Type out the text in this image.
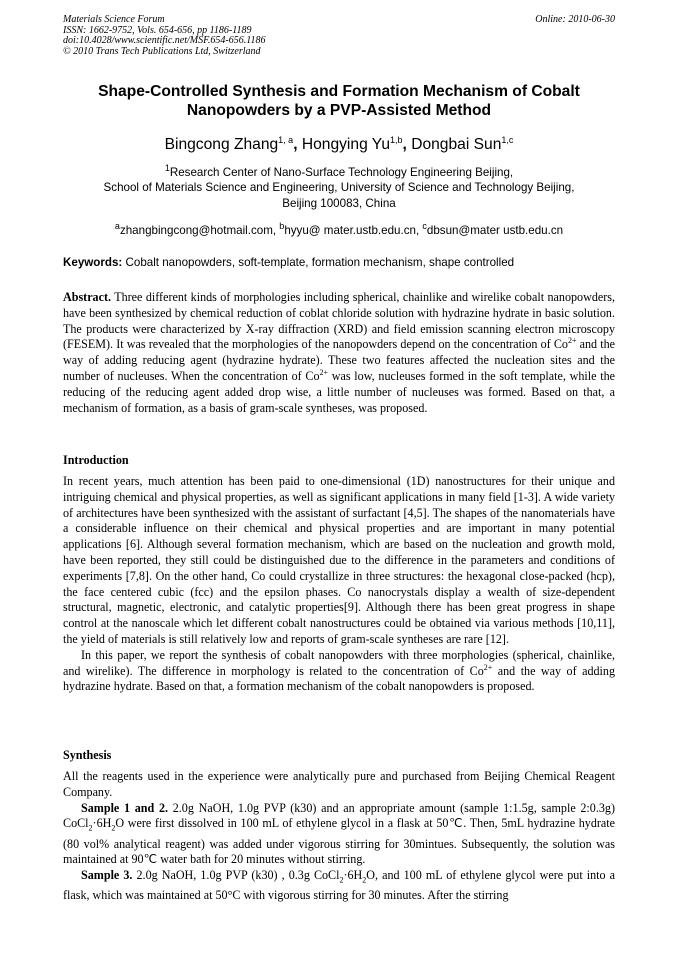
Materials Science Forum
ISSN: 1662-9752, Vols. 654-656, pp 1186-1189
doi:10.4028/www.scientific.net/MSF.654-656.1186
© 2010 Trans Tech Publications Ltd, Switzerland
Online: 2010-06-30
Shape-Controlled Synthesis and Formation Mechanism of Cobalt
Nanopowders by a PVP-Assisted Method
Bingcong Zhang$^{1, a}$, Hongying Yu$^{1,b}$, Dongbai Sun$^{1,c}$
$^1$Research Center of Nano-Surface Technology Engineering Beijing,
School of Materials Science and Engineering, University of Science and Technology Beijing,
Beijing 100083, China
$^a$zhangbingcong@hotmail.com, $^b$hyyu@ mater.ustb.edu.cn, $^c$dbsun@mater ustb.edu.cn
Keywords: Cobalt nanopowders, soft-template, formation mechanism, shape controlled
Abstract. Three different kinds of morphologies including spherical, chainlike and wirelike cobalt nanopowders, have been synthesized by chemical reduction of coblat chloride solution with hydrazine hydrate in basic solution. The products were characterized by X-ray diffraction (XRD) and field emission scanning electron microscopy (FESEM). It was revealed that the morphologies of the nanopowders depend on the concentration of $Co^{2+}$ and the way of adding reducing agent (hydrazine hydrate). These two features affected the nucleation sites and the number of nucleuses. When the concentration of $Co^{2+}$ was low, nucleuses formed in the soft template, while the reducing of the reducing agent added drop wise, a little number of nucleuses was formed. Based on that, a mechanism of formation, as a basis of gram-scale syntheses, was proposed.
Introduction

In recent years, much attention has been paid to one-dimensional (1D) nanostructures for their unique and intriguing chemical and physical properties, as well as significant applications in many field [1-3]. A wide variety of architectures have been synthesized with the assistant of surfactant [4,5]. The shapes of the nanomaterials have a considerable influence on their chemical and physical properties and are important in many potential applications [6]. Although several formation mechanism, which are based on the nucleation and growth mold, have been reported, they still could be distinguished due to the difference in the parameters and conditions of experiments [7,8]. On the other hand, Co could crystallize in three structures: the hexagonal close-packed (hcp), the face centered cubic (fcc) and the epsilon phases. Co nanocrystals display a wealth of size-dependent structural, magnetic, electronic, and catalytic properties[9]. Although there has been great progress in shape control at the nanoscale which let different cobalt nanostructures could be obtained via various methods [10,11], the yield of materials is still relatively low and reports of gram-scale syntheses are rare [12].

In this paper, we report the synthesis of cobalt nanopowders with three morphologies (spherical, chainlike, and wirelike). The difference in morphology is related to the concentration of $Co^{2+}$ and the way of adding hydrazine hydrate. Based on that, a formation mechanism of the cobalt nanopowders is proposed.

Synthesis

All the reagents used in the experience were analytically pure and purchased from Beijing Chemical Reagent Company.

Sample 1 and 2. 2.0g NaOH, 1.0g PVP (k30) and an appropriate amount (sample 1:1.5g, sample 2:0.3g) $CoCl_2\cdot 6H_2O$ were first dissolved in 100 mL of ethylene glycol in a flask at 50℃. Then, 5mL hydrazine hydrate (80 vol% analytical reagent) was added under vigorous stirring for 30mintues. Subsequently, the solution was maintained at 90℃ water bath for 20 minutes without stirring.

Sample 3. 2.0g NaOH, 1.0g PVP (k30) , 0.3g $CoCl_2\cdot 6H_2O$, and 100 mL of ethylene glycol were put into a flask, which was maintained at 50°C with vigorous stirring for 30 minutes. After the stirring
